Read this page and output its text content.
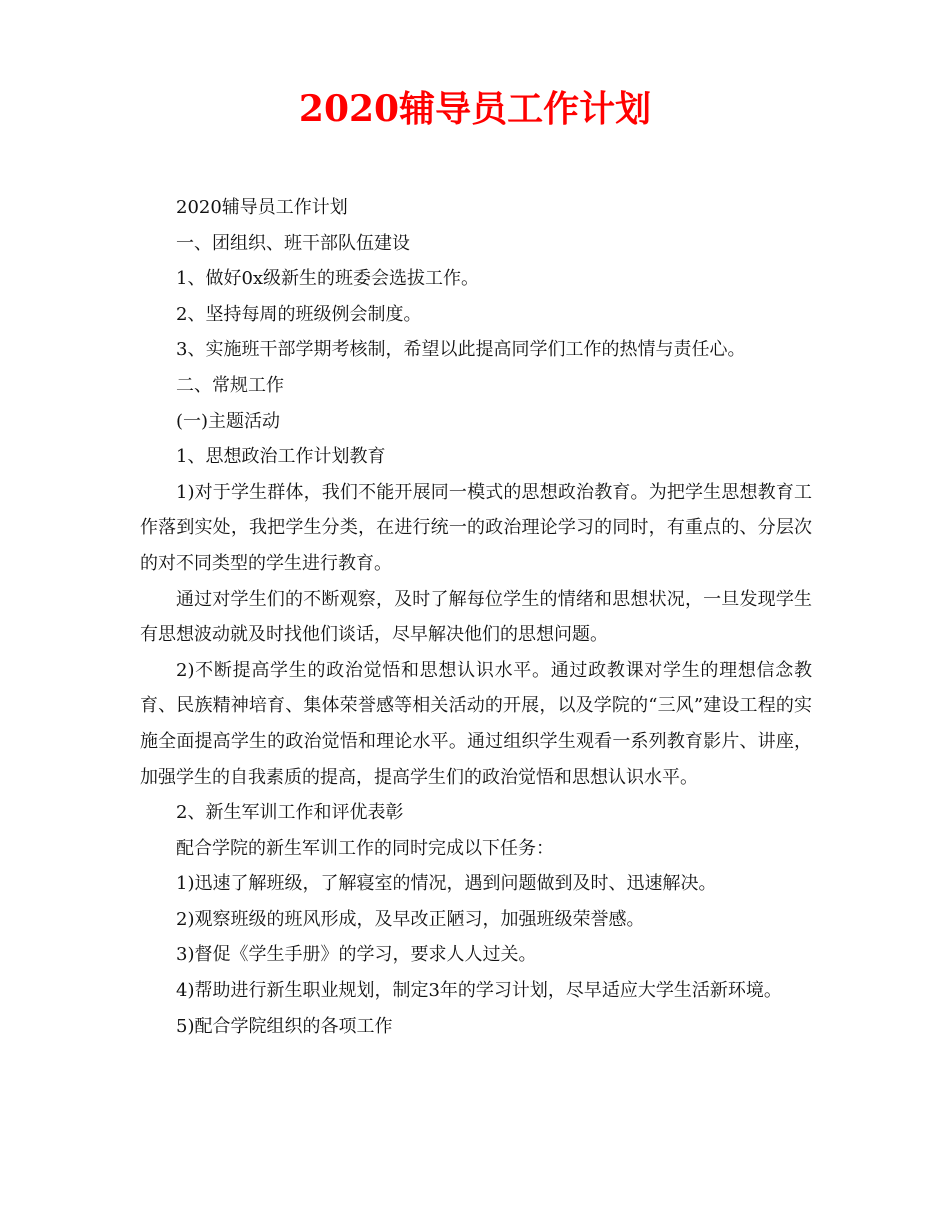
2020辅导员工作计划

2020辅导员工作计划

一、团组织、班干部队伍建设

1、做好0x级新生的班委会选拔工作。

2、坚持每周的班级例会制度。

3、实施班干部学期考核制，希望以此提高同学们工作的热情与责任心。

二、常规工作

(一)主题活动

1、思想政治工作计划教育

1)对于学生群体，我们不能开展同一模式的思想政治教育。为把学生思想教育工作落到实处，我把学生分类，在进行统一的政治理论学习的同时，有重点的、分层次的对不同类型的学生进行教育。

通过对学生们的不断观察，及时了解每位学生的情绪和思想状况，一旦发现学生有思想波动就及时找他们谈话，尽早解决他们的思想问题。

2)不断提高学生的政治觉悟和思想认识水平。通过政教课对学生的理想信念教育、民族精神培育、集体荣誉感等相关活动的开展，以及学院的“三风”建设工程的实施全面提高学生的政治觉悟和理论水平。通过组织学生观看一系列教育影片、讲座，加强学生的自我素质的提高，提高学生们的政治觉悟和思想认识水平。

2、新生军训工作和评优表彰

配合学院的新生军训工作的同时完成以下任务：

1)迅速了解班级，了解寝室的情况，遇到问题做到及时、迅速解决。

2)观察班级的班风形成，及早改正陋习，加强班级荣誉感。

3)督促《学生手册》的学习，要求人人过关。

4)帮助进行新生职业规划，制定3年的学习计划，尽早适应大学生活新环境。

5)配合学院组织的各项工作
